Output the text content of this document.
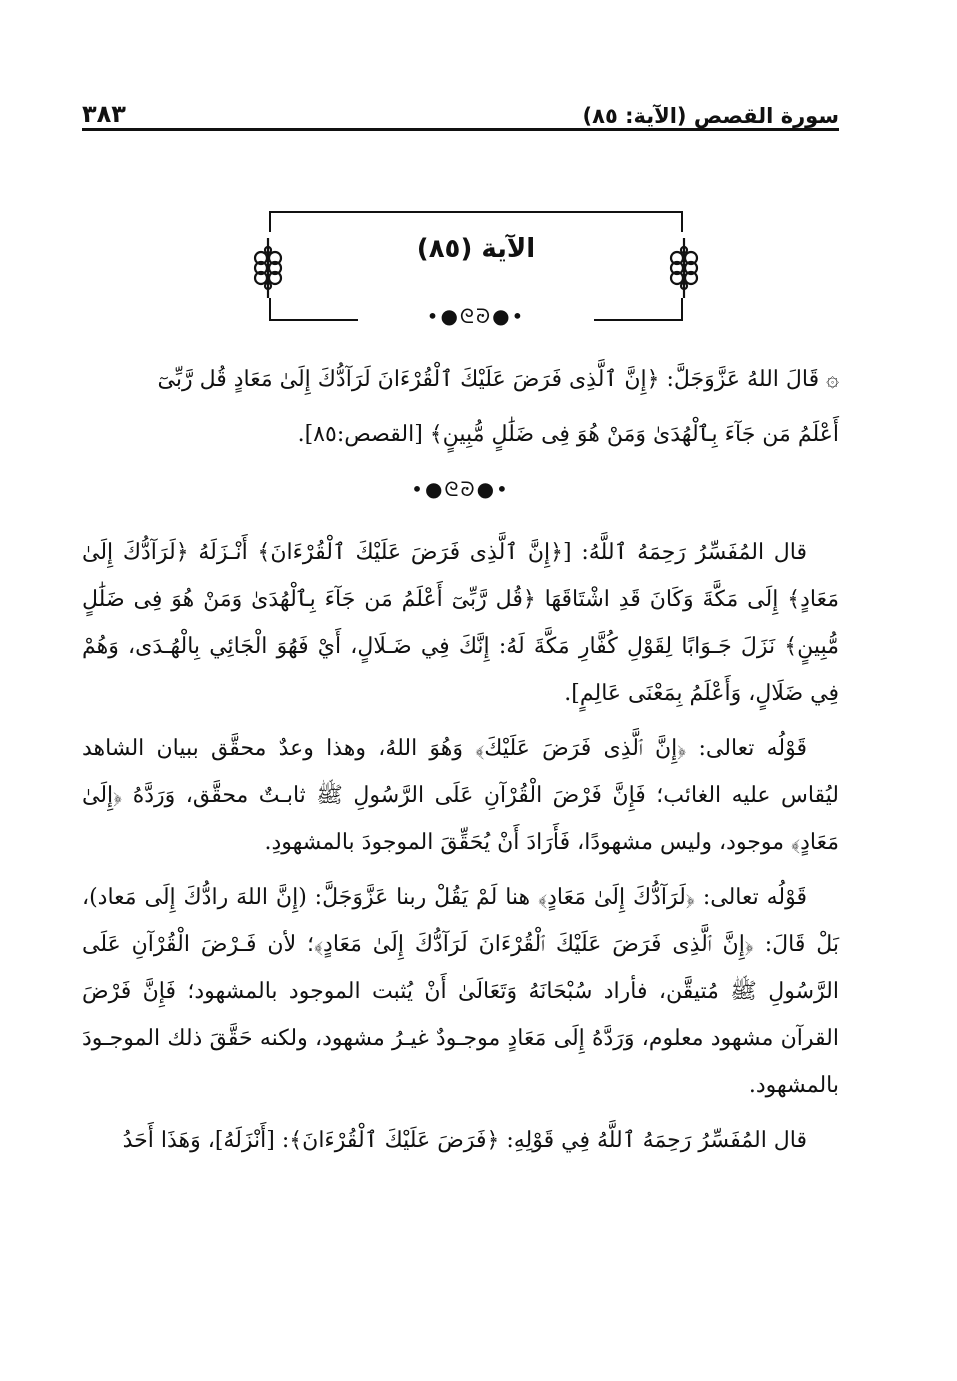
سورة القصص (الآية: ٨٥)
٣٨٣
الآية (٨٥)
•●ᘓᘒ●•

۞ قَالَ اللهُ عَزَّوَجَلَّ: ﴿إِنَّ ٱلَّذِى فَرَضَ عَلَيْكَ ٱلْقُرْءَانَ لَرَآدُّكَ إِلَىٰ مَعَادٍ قُل رَّبِّىٓ

أَعْلَمُ مَن جَآءَ بِٱلْهُدَىٰ وَمَنْ هُوَ فِى ضَلَٰلٍ مُّبِينٍ﴾ [القصص:٨٥].

•●ᘓᘒ●•

قال المُفَسِّرُ رَحِمَهُ ٱللَّهُ: [﴿إِنَّ ٱلَّذِى فَرَضَ عَلَيْكَ ٱلْقُرْءَانَ﴾ أَنْـزَلَهُ ﴿لَرَآدُّكَ إِلَىٰ مَعَادٍ﴾ إِلَى مَكَّةَ وَكَانَ قَدِ اشْتَاقَهَا ﴿قُل رَّبِّىٓ أَعْلَمُ مَن جَآءَ بِٱلْهُدَىٰ وَمَنْ هُوَ فِى ضَلَٰلٍ مُّبِينٍ﴾ نَزَلَ جَـوَابًا لِقَوْلِ كُفَّارِ مَكَّةَ لَهُ: إِنَّكَ فِي ضَـلَالٍ، أَيْ فَهُوَ الْجَائِي بِالْهُـدَى، وَهُمْ فِي ضَلَالٍ، وَأَعْلَمُ بِمَعْنَى عَالِمٍ].

قَوْلُه تعالى: ﴿إِنَّ ٱلَّذِى فَرَضَ عَلَيْكَ﴾ وَهُوَ اللهُ، وهذا وعدٌ محقَّق ببيان الشاهد ليُقاس عليه الغائب؛ فَإِنَّ فَرْضَ الْقُرْآنِ عَلَى الرَّسُولِ ﷺ ثابـتٌ محقَّق، وَرَدَّهُ ﴿إِلَىٰ مَعَادٍ﴾ موجود، وليس مشهودًا، فَأَرَادَ أَنْ يُحَقِّقَ الموجودَ بالمشهودِ.

قَوْلُه تعالى: ﴿لَرَآدُّكَ إِلَىٰ مَعَادٍ﴾ هنا لَمْ يَقُلْ ربنا عَزَّوَجَلَّ: (إِنَّ اللهَ رادُّكَ إِلَى مَعاد)، بَلْ قَالَ: ﴿إِنَّ ٱلَّذِى فَرَضَ عَلَيْكَ ٱلْقُرْءَانَ لَرَآدُّكَ إِلَىٰ مَعَادٍ﴾؛ لأن فَـرْضَ الْقُرْآنِ عَلَى الرَّسُولِ ﷺ مُتيقَّن، فأراد سُبْحَانَهُ وَتَعَالَىٰ أَنْ يُثبت الموجود بالمشهود؛ فَإِنَّ فَرْضَ القرآن مشهود معلوم، وَرَدَّهُ إِلَى مَعَادٍ موجـودٌ غيـرُ مشهود، ولكنه حَقَّقَ ذلك الموجـودَ بالمشهود.

قال المُفَسِّرُ رَحِمَهُ ٱللَّهُ فِي قَوْلِهِ: ﴿فَرَضَ عَلَيْكَ ٱلْقُرْءَانَ﴾: [أَنْزَلَهُ]، وَهَذَا أَحَدُ
